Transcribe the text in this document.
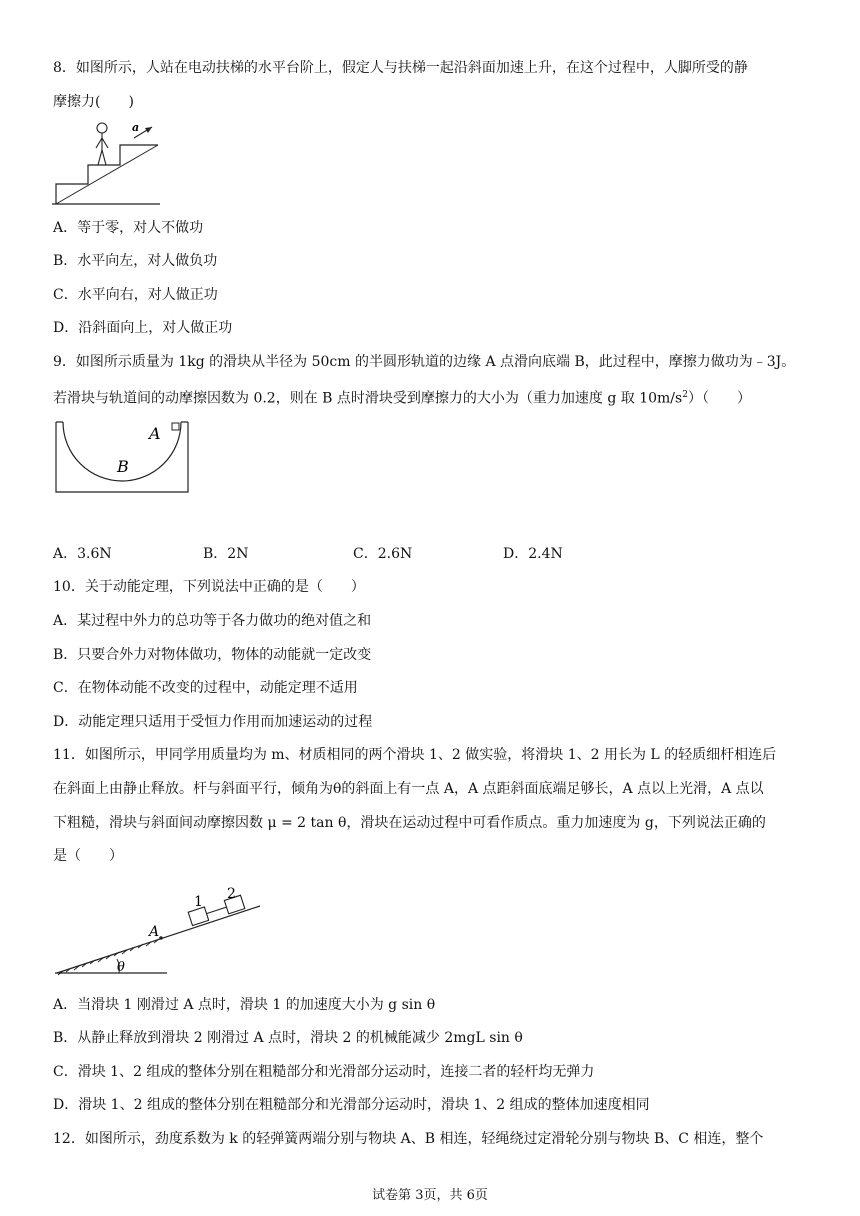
8．如图所示，人站在电动扶梯的水平台阶上，假定人与扶梯一起沿斜面加速上升，在这个过程中，人脚所受的静
摩擦力(　　)
a
A．等于零，对人不做功
B．水平向左，对人做负功
C．水平向右，对人做正功
D．沿斜面向上，对人做正功
9．如图所示质量为 1kg 的滑块从半径为 50cm 的半圆形轨道的边缘 A 点滑向底端 B，此过程中，摩擦力做功为﹣3J。
若滑块与轨道间的动摩擦因数为 0.2，则在 B 点时滑块受到摩擦力的大小为（重力加速度 g 取 $10m/s^2$）（　　）
A
B
A．3.6N	B．2N	C．2.6N	D．2.4N
10．关于动能定理，下列说法中正确的是（　　）
A．某过程中外力的总功等于各力做功的绝对值之和
B．只要合外力对物体做功，物体的动能就一定改变
C．在物体动能不改变的过程中，动能定理不适用
D．动能定理只适用于受恒力作用而加速运动的过程
11．如图所示，甲同学用质量均为 m、材质相同的两个滑块 1、2 做实验，将滑块 1、2 用长为 L 的轻质细杆相连后
在斜面上由静止释放。杆与斜面平行，倾角为θ的斜面上有一点 A，A 点距斜面底端足够长，A 点以上光滑，A 点以
下粗糙，滑块与斜面间动摩擦因数 μ = 2 tan θ，滑块在运动过程中可看作质点。重力加速度为 g，下列说法正确的
是（　　）
1 2
A
θ
A．当滑块 1 刚滑过 A 点时，滑块 1 的加速度大小为 g sin θ
B．从静止释放到滑块 2 刚滑过 A 点时，滑块 2 的机械能减少 2mgL sin θ
C．滑块 1、2 组成的整体分别在粗糙部分和光滑部分运动时，连接二者的轻杆均无弹力
D．滑块 1、2 组成的整体分别在粗糙部分和光滑部分运动时，滑块 1、2 组成的整体加速度相同
12．如图所示，劲度系数为 k 的轻弹簧两端分别与物块 A、B 相连，轻绳绕过定滑轮分别与物块 B、C 相连，整个
试卷第 3页，共 6页
